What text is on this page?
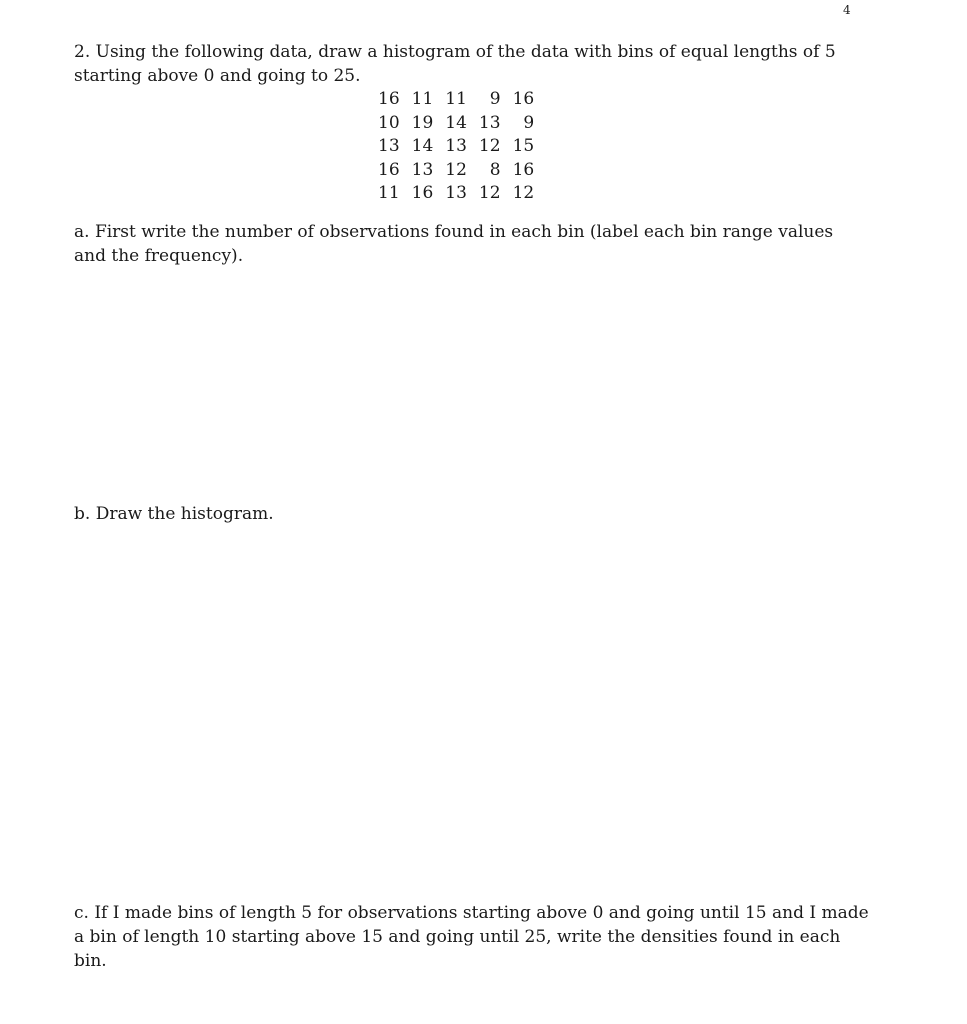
4
2. Using the following data, draw a histogram of the data with bins of equal lengths of 5 starting above 0 and going to 25.
16	11	11	9	16
10	19	14	13	9
13	14	13	12	15
16	13	12	8	16
11	16	13	12	12
a. First write the number of observations found in each bin (label each bin range values and the frequency).
b. Draw the histogram.
c. If I made bins of length 5 for observations starting above 0 and going until 15 and I made a bin of length 10 starting above 15 and going until 25, write the densities found in each bin.
